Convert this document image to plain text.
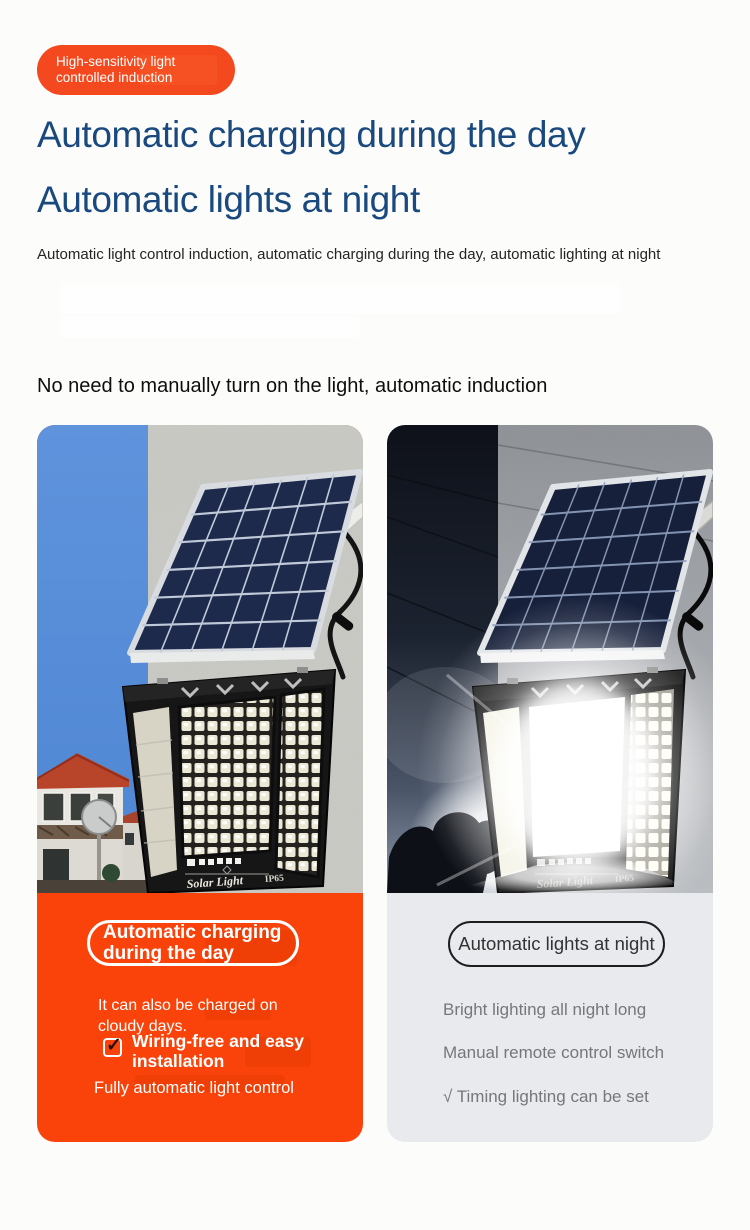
High-sensitivity light controlled induction
Automatic charging during the day
Automatic lights at night
Automatic light control induction, automatic charging during the day, automatic lighting at night
No need to manually turn on the light, automatic induction
Solar Light IP65
Automatic charging during the day
It can also be charged on cloudy days.
✓ Wiring-free and easy installation
Fully automatic light control
Automatic lights at night
Bright lighting all night long
Manual remote control switch
√ Timing lighting can be set
